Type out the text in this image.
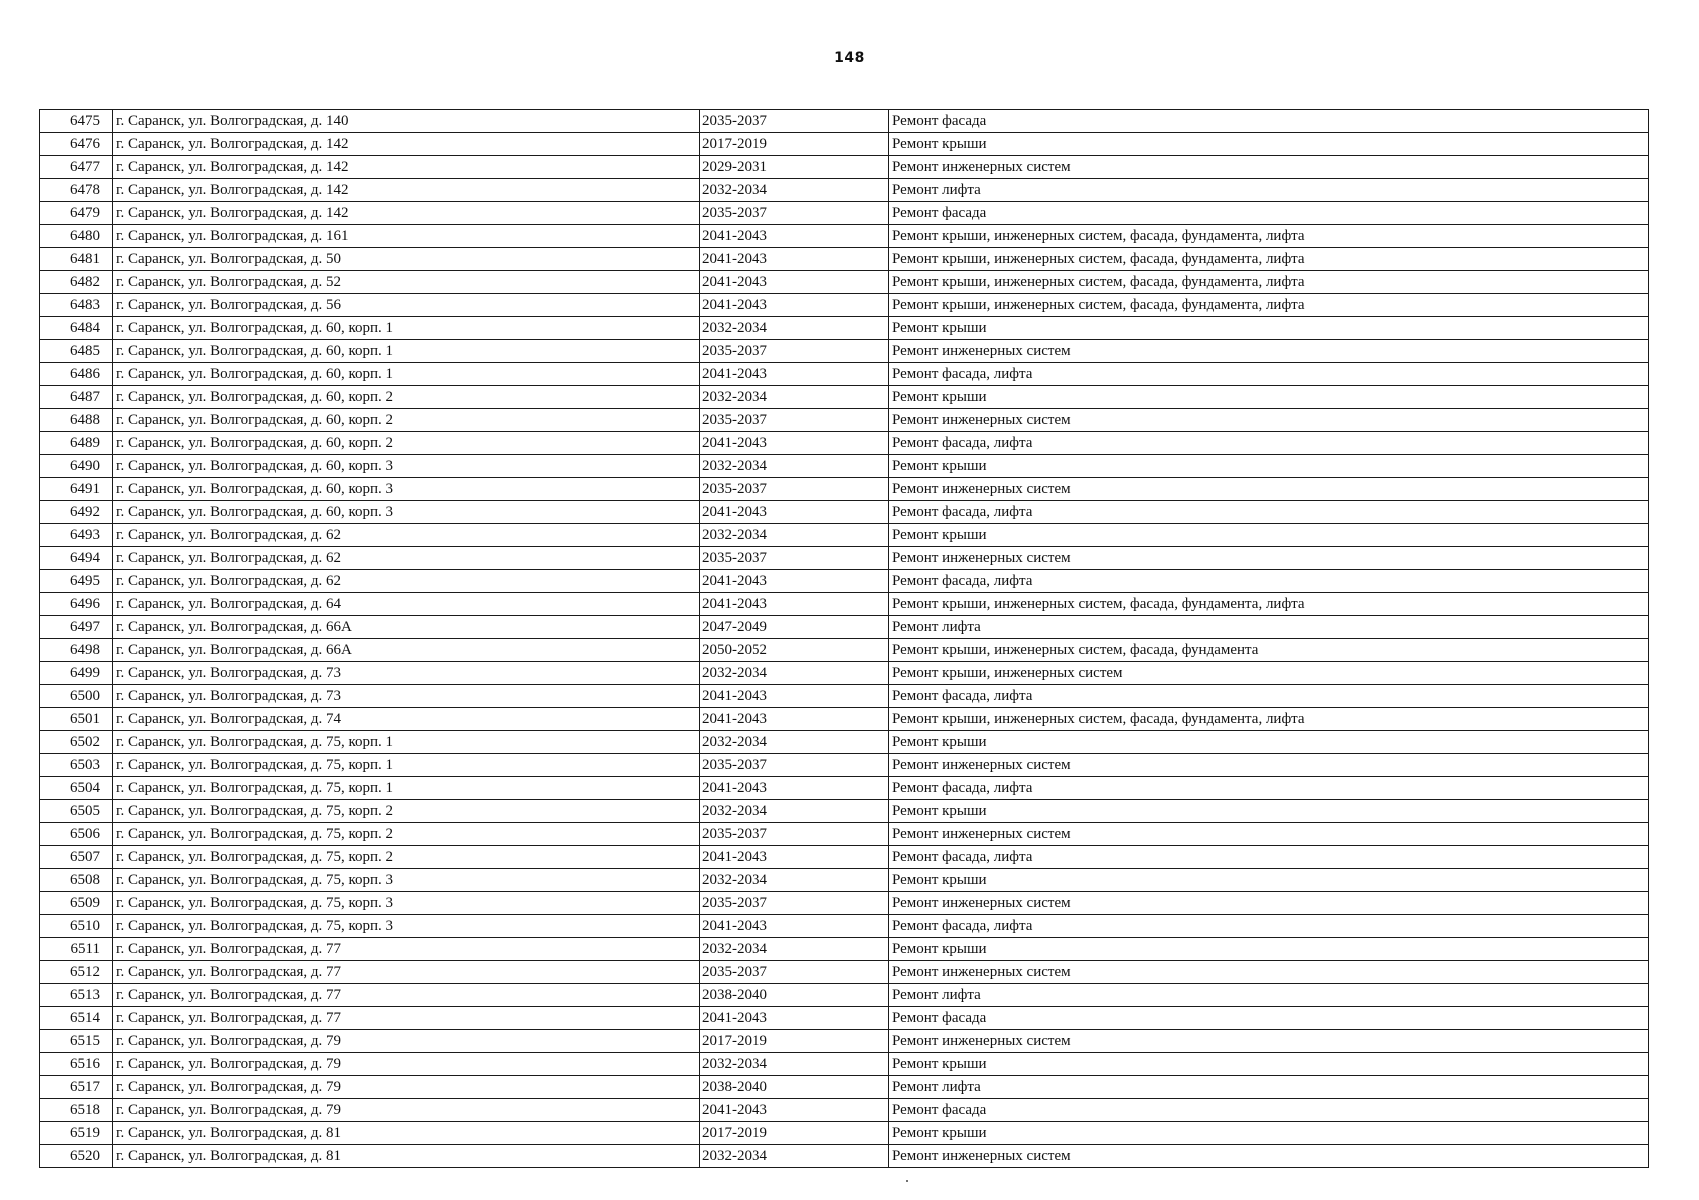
148
6475	г. Саранск, ул. Волгоградская, д. 140	2035-2037	Ремонт фасада
6476	г. Саранск, ул. Волгоградская, д. 142	2017-2019	Ремонт крыши
6477	г. Саранск, ул. Волгоградская, д. 142	2029-2031	Ремонт инженерных систем
6478	г. Саранск, ул. Волгоградская, д. 142	2032-2034	Ремонт лифта
6479	г. Саранск, ул. Волгоградская, д. 142	2035-2037	Ремонт фасада
6480	г. Саранск, ул. Волгоградская, д. 161	2041-2043	Ремонт крыши, инженерных систем, фасада, фундамента, лифта
6481	г. Саранск, ул. Волгоградская, д. 50	2041-2043	Ремонт крыши, инженерных систем, фасада, фундамента, лифта
6482	г. Саранск, ул. Волгоградская, д. 52	2041-2043	Ремонт крыши, инженерных систем, фасада, фундамента, лифта
6483	г. Саранск, ул. Волгоградская, д. 56	2041-2043	Ремонт крыши, инженерных систем, фасада, фундамента, лифта
6484	г. Саранск, ул. Волгоградская, д. 60, корп. 1	2032-2034	Ремонт крыши
6485	г. Саранск, ул. Волгоградская, д. 60, корп. 1	2035-2037	Ремонт инженерных систем
6486	г. Саранск, ул. Волгоградская, д. 60, корп. 1	2041-2043	Ремонт фасада, лифта
6487	г. Саранск, ул. Волгоградская, д. 60, корп. 2	2032-2034	Ремонт крыши
6488	г. Саранск, ул. Волгоградская, д. 60, корп. 2	2035-2037	Ремонт инженерных систем
6489	г. Саранск, ул. Волгоградская, д. 60, корп. 2	2041-2043	Ремонт фасада, лифта
6490	г. Саранск, ул. Волгоградская, д. 60, корп. 3	2032-2034	Ремонт крыши
6491	г. Саранск, ул. Волгоградская, д. 60, корп. 3	2035-2037	Ремонт инженерных систем
6492	г. Саранск, ул. Волгоградская, д. 60, корп. 3	2041-2043	Ремонт фасада, лифта
6493	г. Саранск, ул. Волгоградская, д. 62	2032-2034	Ремонт крыши
6494	г. Саранск, ул. Волгоградская, д. 62	2035-2037	Ремонт инженерных систем
6495	г. Саранск, ул. Волгоградская, д. 62	2041-2043	Ремонт фасада, лифта
6496	г. Саранск, ул. Волгоградская, д. 64	2041-2043	Ремонт крыши, инженерных систем, фасада, фундамента, лифта
6497	г. Саранск, ул. Волгоградская, д. 66А	2047-2049	Ремонт лифта
6498	г. Саранск, ул. Волгоградская, д. 66А	2050-2052	Ремонт крыши, инженерных систем, фасада, фундамента
6499	г. Саранск, ул. Волгоградская, д. 73	2032-2034	Ремонт крыши, инженерных систем
6500	г. Саранск, ул. Волгоградская, д. 73	2041-2043	Ремонт фасада, лифта
6501	г. Саранск, ул. Волгоградская, д. 74	2041-2043	Ремонт крыши, инженерных систем, фасада, фундамента, лифта
6502	г. Саранск, ул. Волгоградская, д. 75, корп. 1	2032-2034	Ремонт крыши
6503	г. Саранск, ул. Волгоградская, д. 75, корп. 1	2035-2037	Ремонт инженерных систем
6504	г. Саранск, ул. Волгоградская, д. 75, корп. 1	2041-2043	Ремонт фасада, лифта
6505	г. Саранск, ул. Волгоградская, д. 75, корп. 2	2032-2034	Ремонт крыши
6506	г. Саранск, ул. Волгоградская, д. 75, корп. 2	2035-2037	Ремонт инженерных систем
6507	г. Саранск, ул. Волгоградская, д. 75, корп. 2	2041-2043	Ремонт фасада, лифта
6508	г. Саранск, ул. Волгоградская, д. 75, корп. 3	2032-2034	Ремонт крыши
6509	г. Саранск, ул. Волгоградская, д. 75, корп. 3	2035-2037	Ремонт инженерных систем
6510	г. Саранск, ул. Волгоградская, д. 75, корп. 3	2041-2043	Ремонт фасада, лифта
6511	г. Саранск, ул. Волгоградская, д. 77	2032-2034	Ремонт крыши
6512	г. Саранск, ул. Волгоградская, д. 77	2035-2037	Ремонт инженерных систем
6513	г. Саранск, ул. Волгоградская, д. 77	2038-2040	Ремонт лифта
6514	г. Саранск, ул. Волгоградская, д. 77	2041-2043	Ремонт фасада
6515	г. Саранск, ул. Волгоградская, д. 79	2017-2019	Ремонт инженерных систем
6516	г. Саранск, ул. Волгоградская, д. 79	2032-2034	Ремонт крыши
6517	г. Саранск, ул. Волгоградская, д. 79	2038-2040	Ремонт лифта
6518	г. Саранск, ул. Волгоградская, д. 79	2041-2043	Ремонт фасада
6519	г. Саранск, ул. Волгоградская, д. 81	2017-2019	Ремонт крыши
6520	г. Саранск, ул. Волгоградская, д. 81	2032-2034	Ремонт инженерных систем
